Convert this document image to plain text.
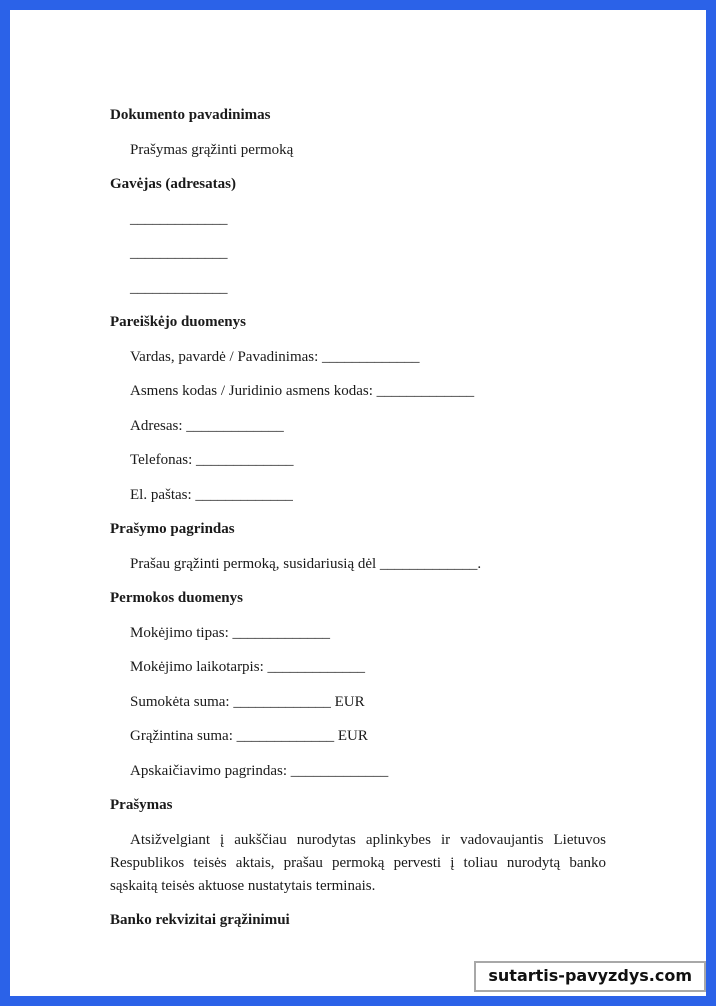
Dokumento pavadinimas
Prašymas grąžinti permoką
Gavėjas (adresatas)
_____________
_____________
_____________
Pareiškėjo duomenys
Vardas, pavardė / Pavadinimas: _____________
Asmens kodas / Juridinio asmens kodas: _____________
Adresas: _____________
Telefonas: _____________
El. paštas: _____________
Prašymo pagrindas
Prašau grąžinti permoką, susidariusią dėl _____________.
Permokos duomenys
Mokėjimo tipas: _____________
Mokėjimo laikotarpis: _____________
Sumokėta suma: _____________ EUR
Grąžintina suma: _____________ EUR
Apskaičiavimo pagrindas: _____________
Prašymas
Atsižvelgiant į aukščiau nurodytas aplinkybes ir vadovaujantis Lietuvos Respublikos teisės aktais, prašau permoką pervesti į toliau nurodytą banko sąskaitą teisės aktuose nustatytais terminais.
Banko rekvizitai grąžinimui
sutartis-pavyzdys.com
